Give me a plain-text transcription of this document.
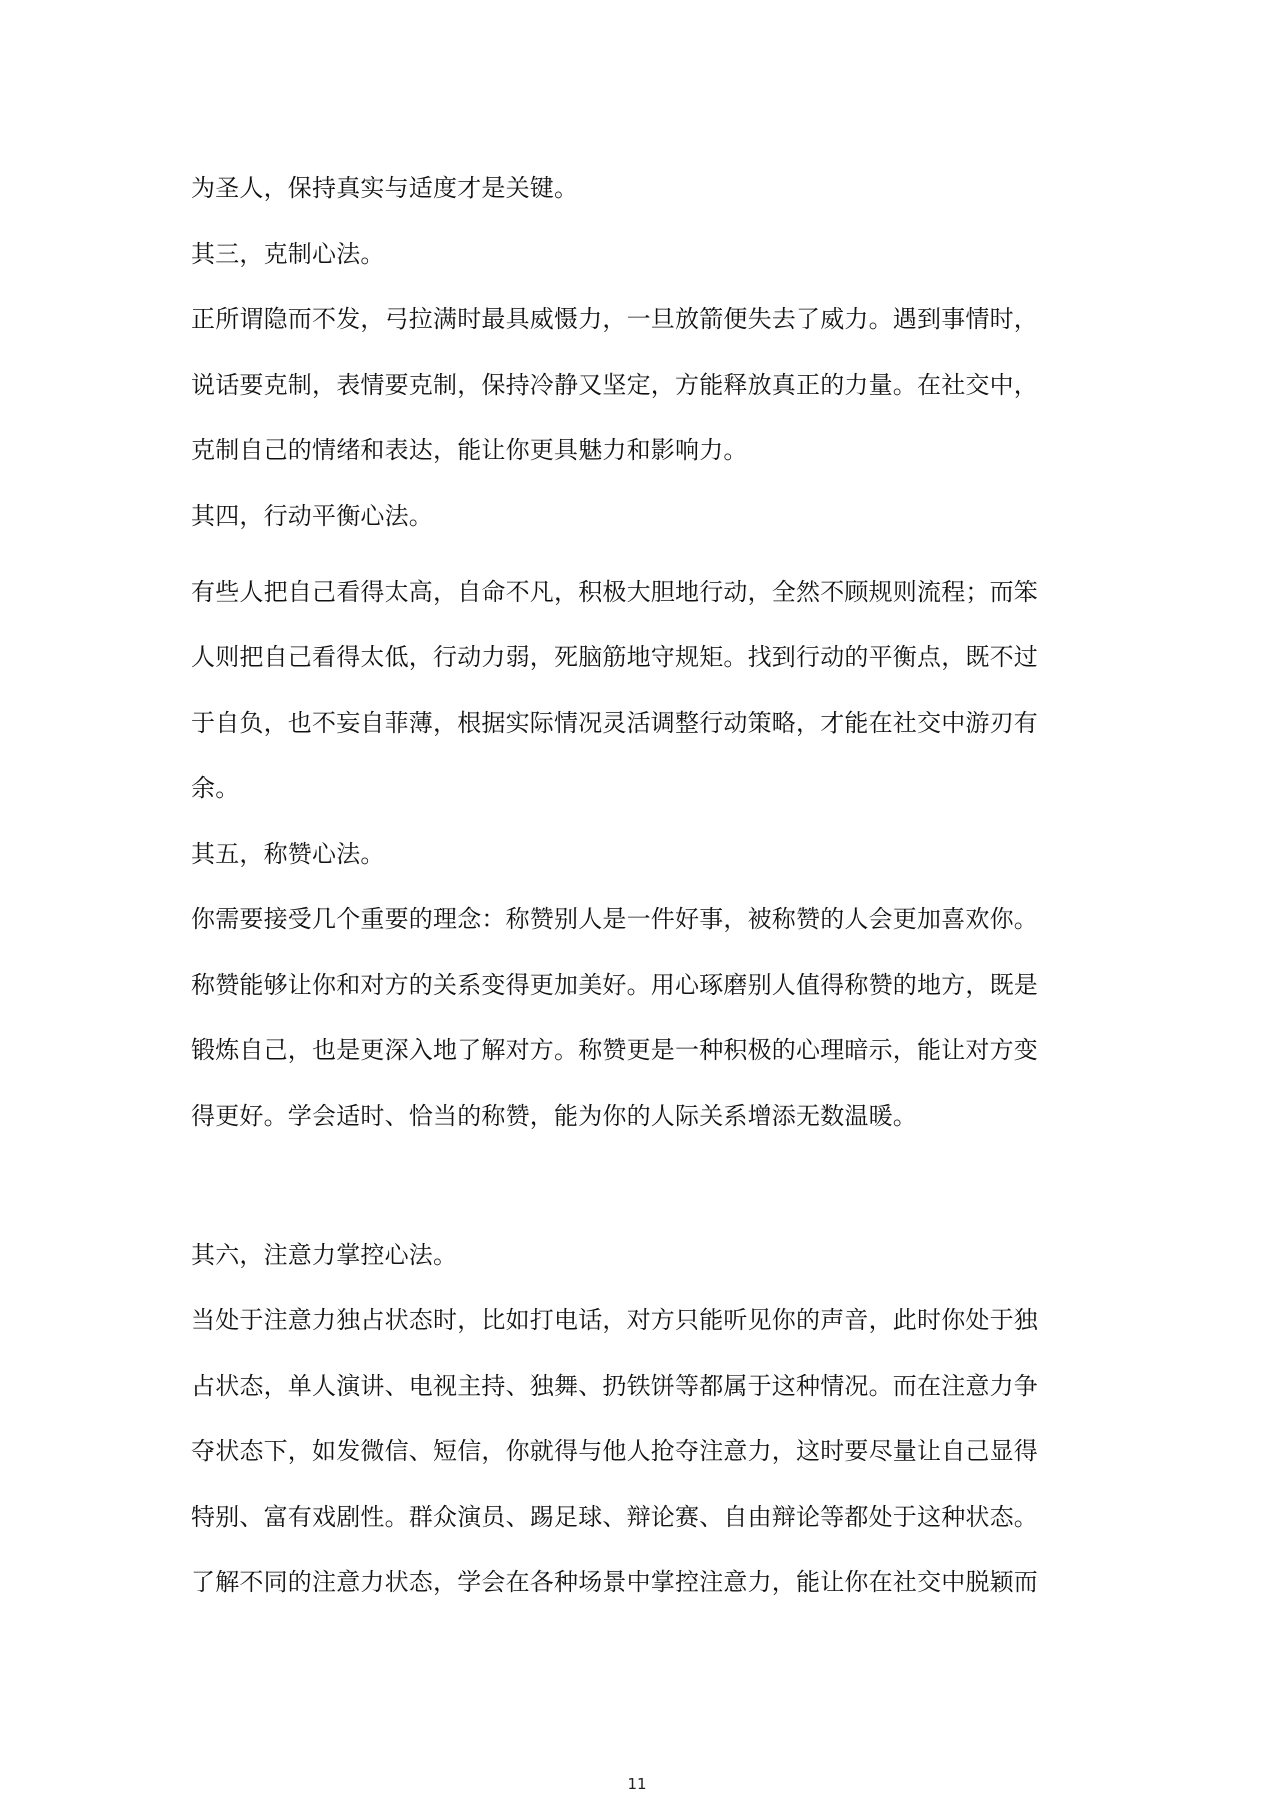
为圣人，保持真实与适度才是关键。
其三，克制心法。
正所谓隐而不发，弓拉满时最具威慑力，一旦放箭便失去了威力。遇到事情时，
说话要克制，表情要克制，保持冷静又坚定，方能释放真正的力量。在社交中，
克制自己的情绪和表达，能让你更具魅力和影响力。
其四，行动平衡心法。
有些人把自己看得太高，自命不凡，积极大胆地行动，全然不顾规则流程；而笨
人则把自己看得太低，行动力弱，死脑筋地守规矩。找到行动的平衡点，既不过
于自负，也不妄自菲薄，根据实际情况灵活调整行动策略，才能在社交中游刃有
余。
其五，称赞心法。
你需要接受几个重要的理念：称赞别人是一件好事，被称赞的人会更加喜欢你。
称赞能够让你和对方的关系变得更加美好。用心琢磨别人值得称赞的地方，既是
锻炼自己，也是更深入地了解对方。称赞更是一种积极的心理暗示，能让对方变
得更好。学会适时、恰当的称赞，能为你的人际关系增添无数温暖。
其六，注意力掌控心法。
当处于注意力独占状态时，比如打电话，对方只能听见你的声音，此时你处于独
占状态，单人演讲、电视主持、独舞、扔铁饼等都属于这种情况。而在注意力争
夺状态下，如发微信、短信，你就得与他人抢夺注意力，这时要尽量让自己显得
特别、富有戏剧性。群众演员、踢足球、辩论赛、自由辩论等都处于这种状态。
了解不同的注意力状态，学会在各种场景中掌控注意力，能让你在社交中脱颖而
11
